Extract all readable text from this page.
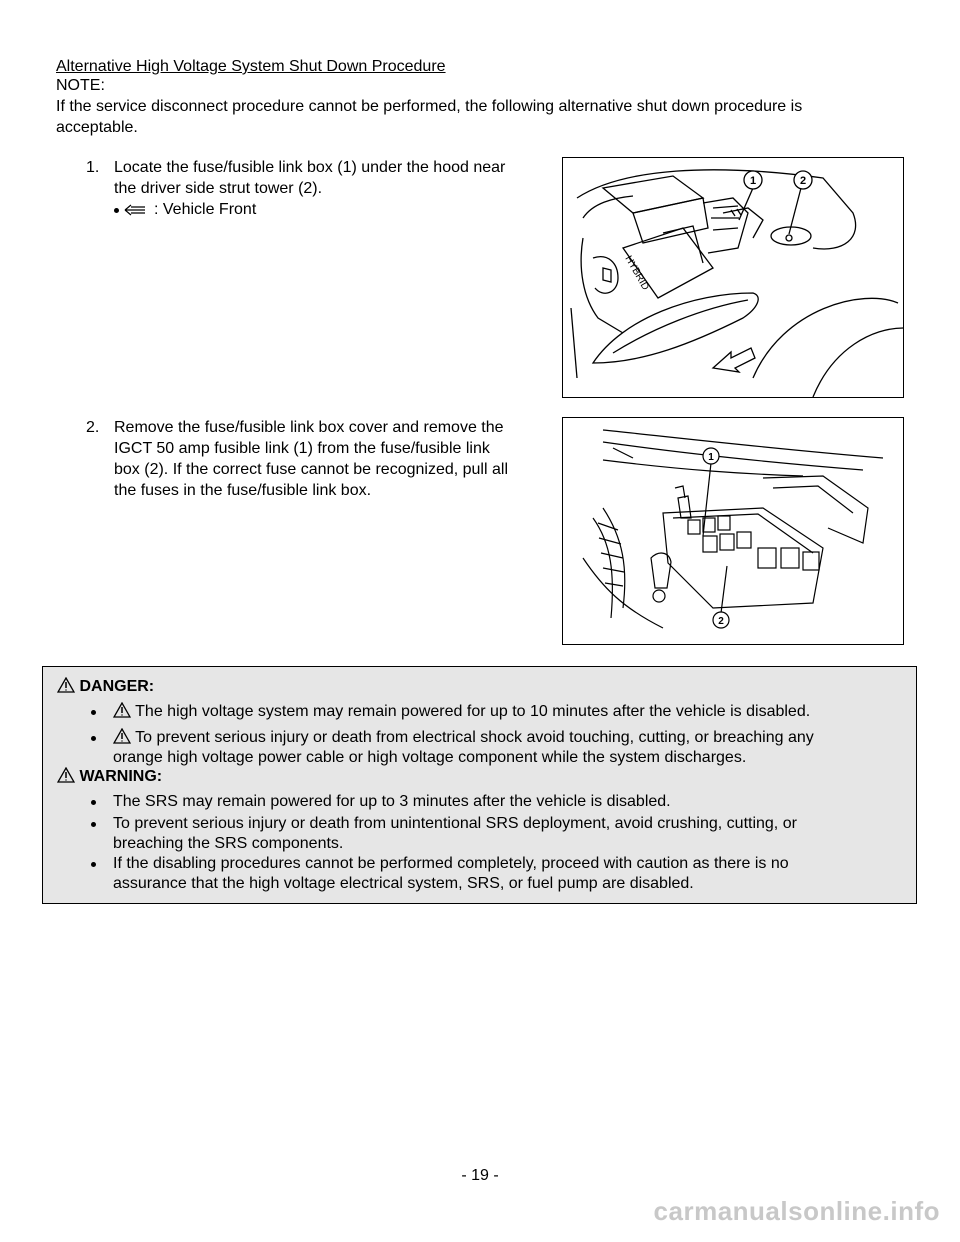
Alternative High Voltage System Shut Down Procedure
NOTE:
If the service disconnect procedure cannot be performed, the following alternative shut down procedure is
acceptable.
1. Locate the fuse/fusible link box (1) under the hood near
the driver side strut tower (2).
: Vehicle Front
1	2
HYBRID
2. Remove the fuse/fusible link box cover and remove the
IGCT 50 amp fusible link (1) from the fuse/fusible link
box (2). If the correct fuse cannot be recognized, pull all
the fuses in the fuse/fusible link box.
1
2
DANGER:
The high voltage system may remain powered for up to 10 minutes after the vehicle is disabled.
To prevent serious injury or death from electrical shock avoid touching, cutting, or breaching any
orange high voltage power cable or high voltage component while the system discharges.
WARNING:
The SRS may remain powered for up to 3 minutes after the vehicle is disabled.
To prevent serious injury or death from unintentional SRS deployment, avoid crushing, cutting, or
breaching the SRS components.
If the disabling procedures cannot be performed completely, proceed with caution as there is no
assurance that the high voltage electrical system, SRS, or fuel pump are disabled.
- 19 -
carmanualsonline.info
